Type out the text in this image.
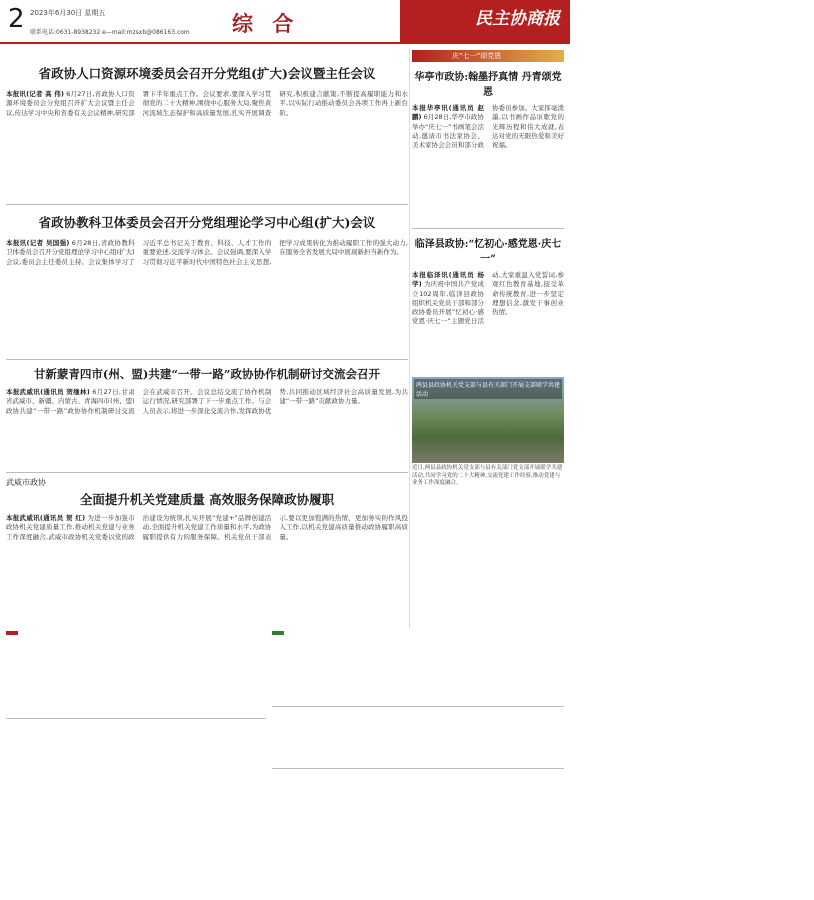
2 2023年6月30日 星期五
联系电话:0631-8938232 e—mail:mzsxb@086163.com 综 合	民主协商报
责任编辑:常 勤
省政协人口资源环境委员会召开分党组(扩大)会议暨主任会议
本报讯(记者 高 伟) 6月27日,省政协人口资源环境委员会分党组召开扩大会议暨主任会议,传达学习中央和省委有关会议精神,研究部署下半年重点工作。会议要求,要深入学习贯彻党的二十大精神,围绕中心服务大局,聚焦黄河流域生态保护和高质量发展,扎实开展调查研究,积极建言献策,不断提高履职能力和水平,以实际行动推动委员会各项工作再上新台阶。
省政协教科卫体委员会召开分党组理论学习中心组(扩大)会议
本报讯(记者 吴国强) 6月28日,省政协教科卫体委员会召开分党组理论学习中心组(扩大)会议,委员会主任委员主持。会议集体学习了习近平总书记关于教育、科技、人才工作的重要论述,交流学习体会。会议强调,要深入学习贯彻习近平新时代中国特色社会主义思想,把学习成果转化为推动履职工作的强大动力,在服务全省发展大局中展现新担当新作为。
甘新蒙青四市(州、盟)共建“一带一路”政协协作机制研讨交流会召开
本报武威讯(通讯员 贺继林) 6月27日,甘肃省武威市、新疆、内蒙古、青海四市(州、盟)政协共建“一带一路”政协协作机制研讨交流会在武威市召开。会议总结交流了协作机制运行情况,研究部署了下一步重点工作。与会人员表示,将进一步深化交流合作,发挥政协优势,共同推动区域经济社会高质量发展,为共建“一带一路”贡献政协力量。
武威市政协
全面提升机关党建质量 高效服务保障政协履职
本报武威讯(通讯员 贺 红) 为进一步加强市政协机关党建质量工作,推动机关党建与业务工作深度融合,武威市政协机关党委以党的政治建设为统领,扎实开展“党建+”品牌创建活动,全面提升机关党建工作质量和水平,为政协履职提供有力的服务保障。机关党员干部表示,要以更加饱满的热情、更加务实的作风投入工作,以机关党建高质量推动政协履职高质量。
庆“七一”颂党恩
华亭市政协:翰墨抒真情 丹青颂党恩
本报华亭讯(通讯员 赵鹏) 6月28日,华亭市政协举办“庆七一”书画笔会活动,邀请市书法家协会、美术家协会会员和部分政协委员参加。大家挥毫泼墨,以书画作品讴歌党的光辉历程和伟大成就,表达对党的无限热爱和美好祝福。
临泽县政协:“忆初心·感党恩·庆七一”
本报临泽讯(通讯员 杨 学) 为庆祝中国共产党成立102周年,临泽县政协组织机关党员干部和部分政协委员开展“忆初心·感党恩·庆七一”主题党日活动,大家重温入党誓词,参观红色教育基地,接受革命传统教育,进一步坚定理想信念,激发干事创业热情。
两县县政协机关党支部与县有关部门开展支部联学共建活动
近日,两县县政协机关党支部与县有关部门党支部开展联学共建活动,共同学习党的二十大精神,交流党建工作经验,推动党建与业务工作深度融合。
